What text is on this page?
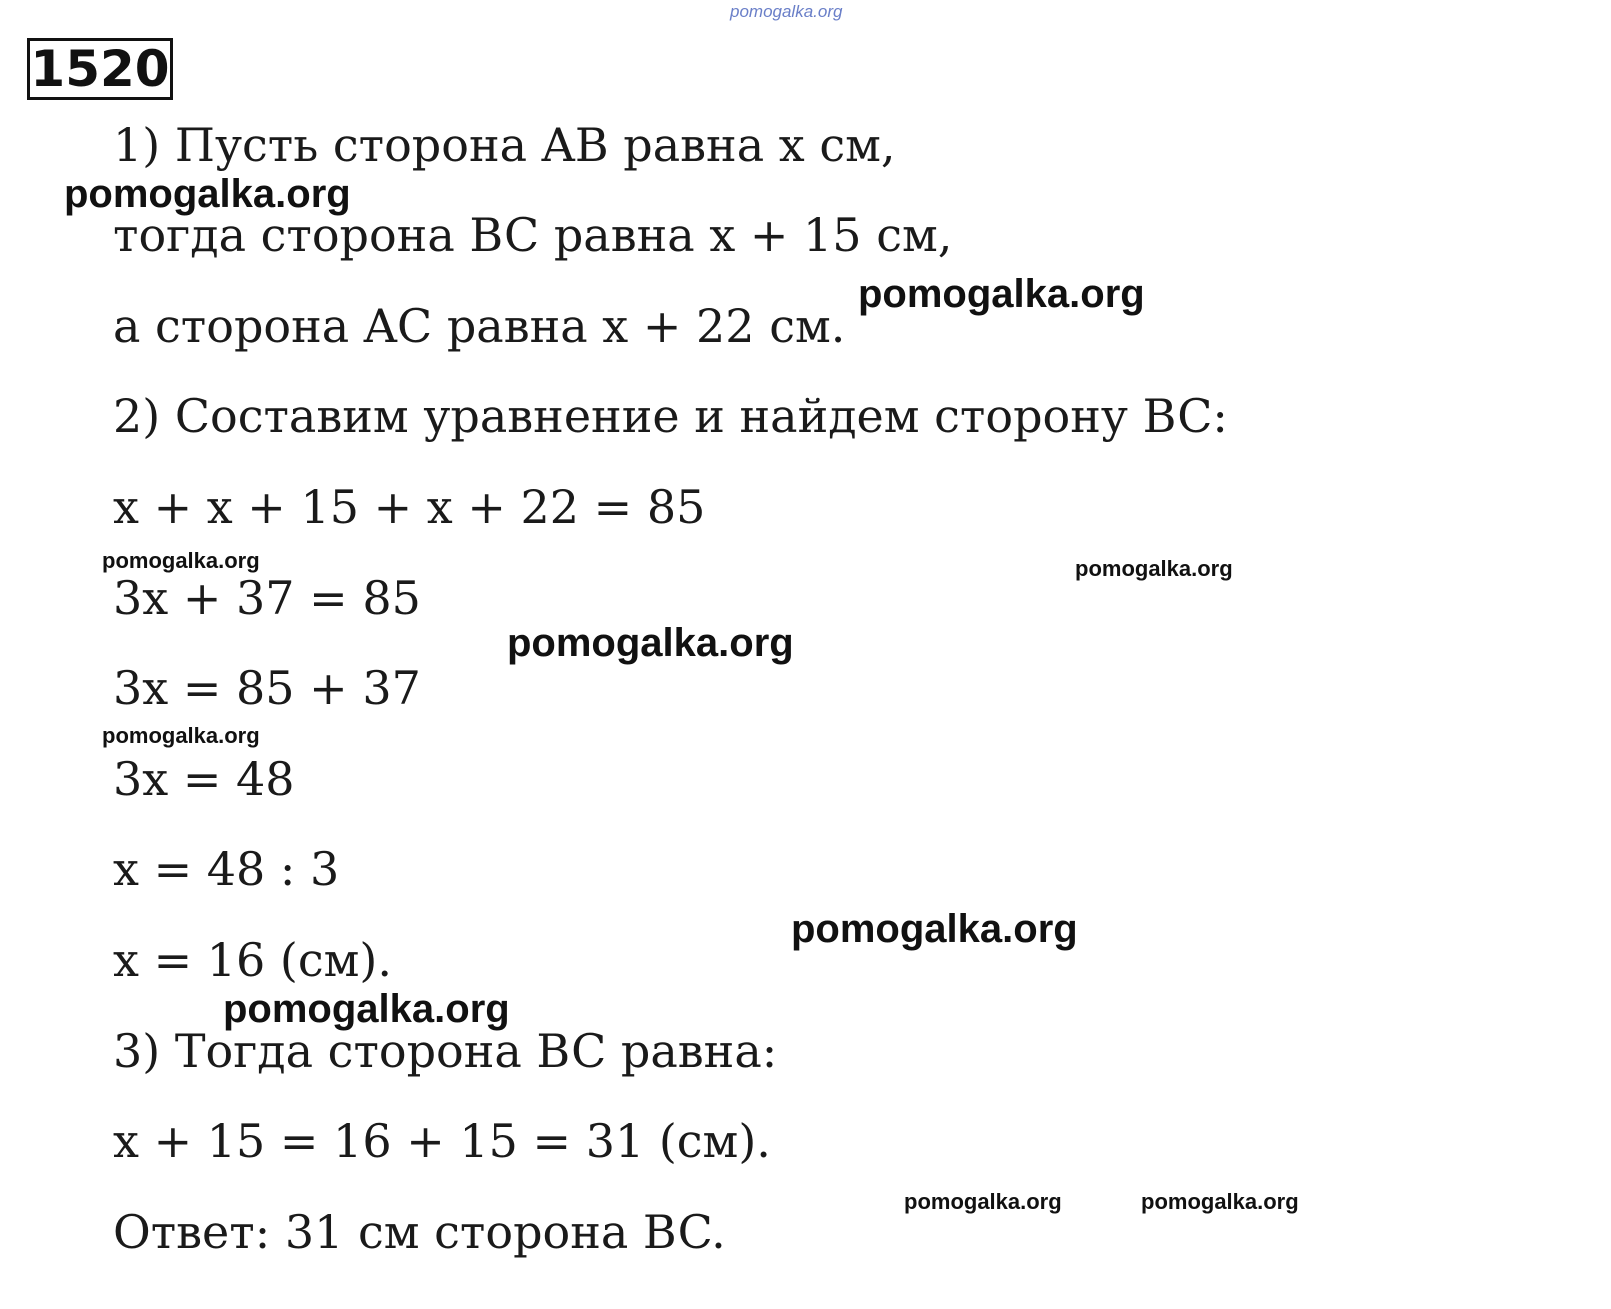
pomogalka.org
1520
1) Пусть сторона AB равна x см,
тогда сторона BC равна x + 15 см,
а сторона AC равна x + 22 см.
2) Составим уравнение и найдем сторону BC:
x + x + 15 + x + 22 = 85
3x + 37 = 85
3x = 85 + 37
3x = 48
x = 48 : 3
x = 16 (см).
3) Тогда сторона BC равна:
x + 15 = 16 + 15 = 31 (см).
Ответ: 31 см сторона BC.
pomogalka.org
pomogalka.org
pomogalka.org
pomogalka.org
pomogalka.org
pomogalka.org	pomogalka.org
pomogalka.org
pomogalka.org	pomogalka.org
